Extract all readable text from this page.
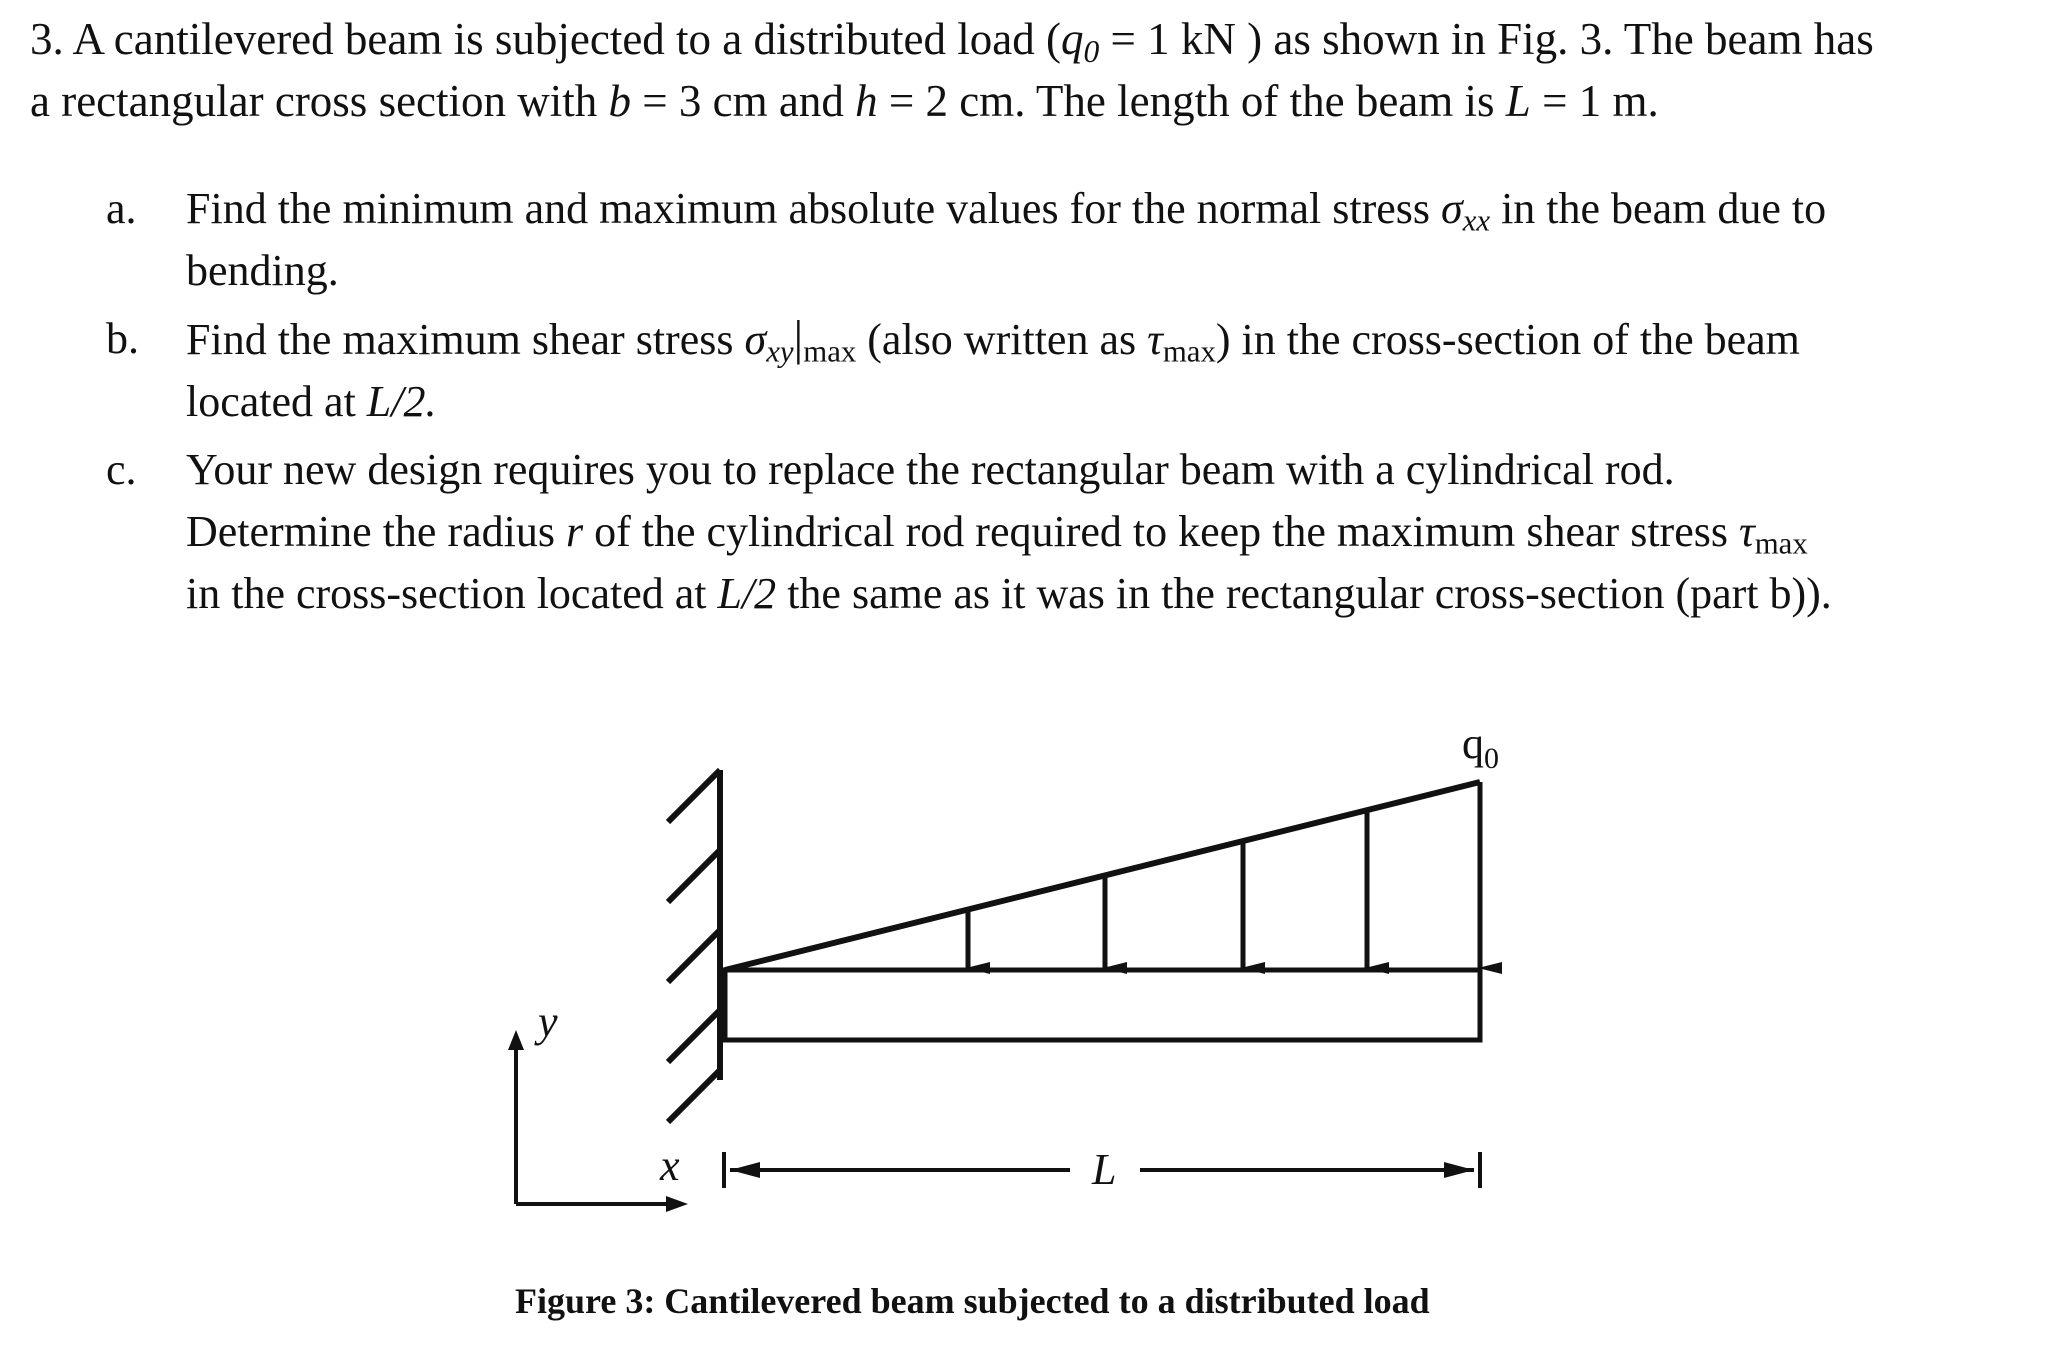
3. A cantilevered beam is subjected to a distributed load ($q_0 = 1$ kN ) as shown in Fig. 3. The beam has

a rectangular cross section with b = 3 cm and h = 2 cm. The length of the beam is L = 1 m.

a. Find the minimum and maximum absolute values for the normal stress $\sigma_{xx}$ in the beam due to
bending.
b. Find the maximum shear stress $\sigma_{xy}|_{max}$ (also written as $\tau_{max}$) in the cross-section of the beam
located at L/2.
c. Your new design requires you to replace the rectangular beam with a cylindrical rod.
Determine the radius r of the cylindrical rod required to keep the maximum shear stress $\tau_{max}$
in the cross-section located at L/2 the same as it was in the rectangular cross-section (part b)).
$q_0$
y
x	L
Figure 3: Cantilevered beam subjected to a distributed load
